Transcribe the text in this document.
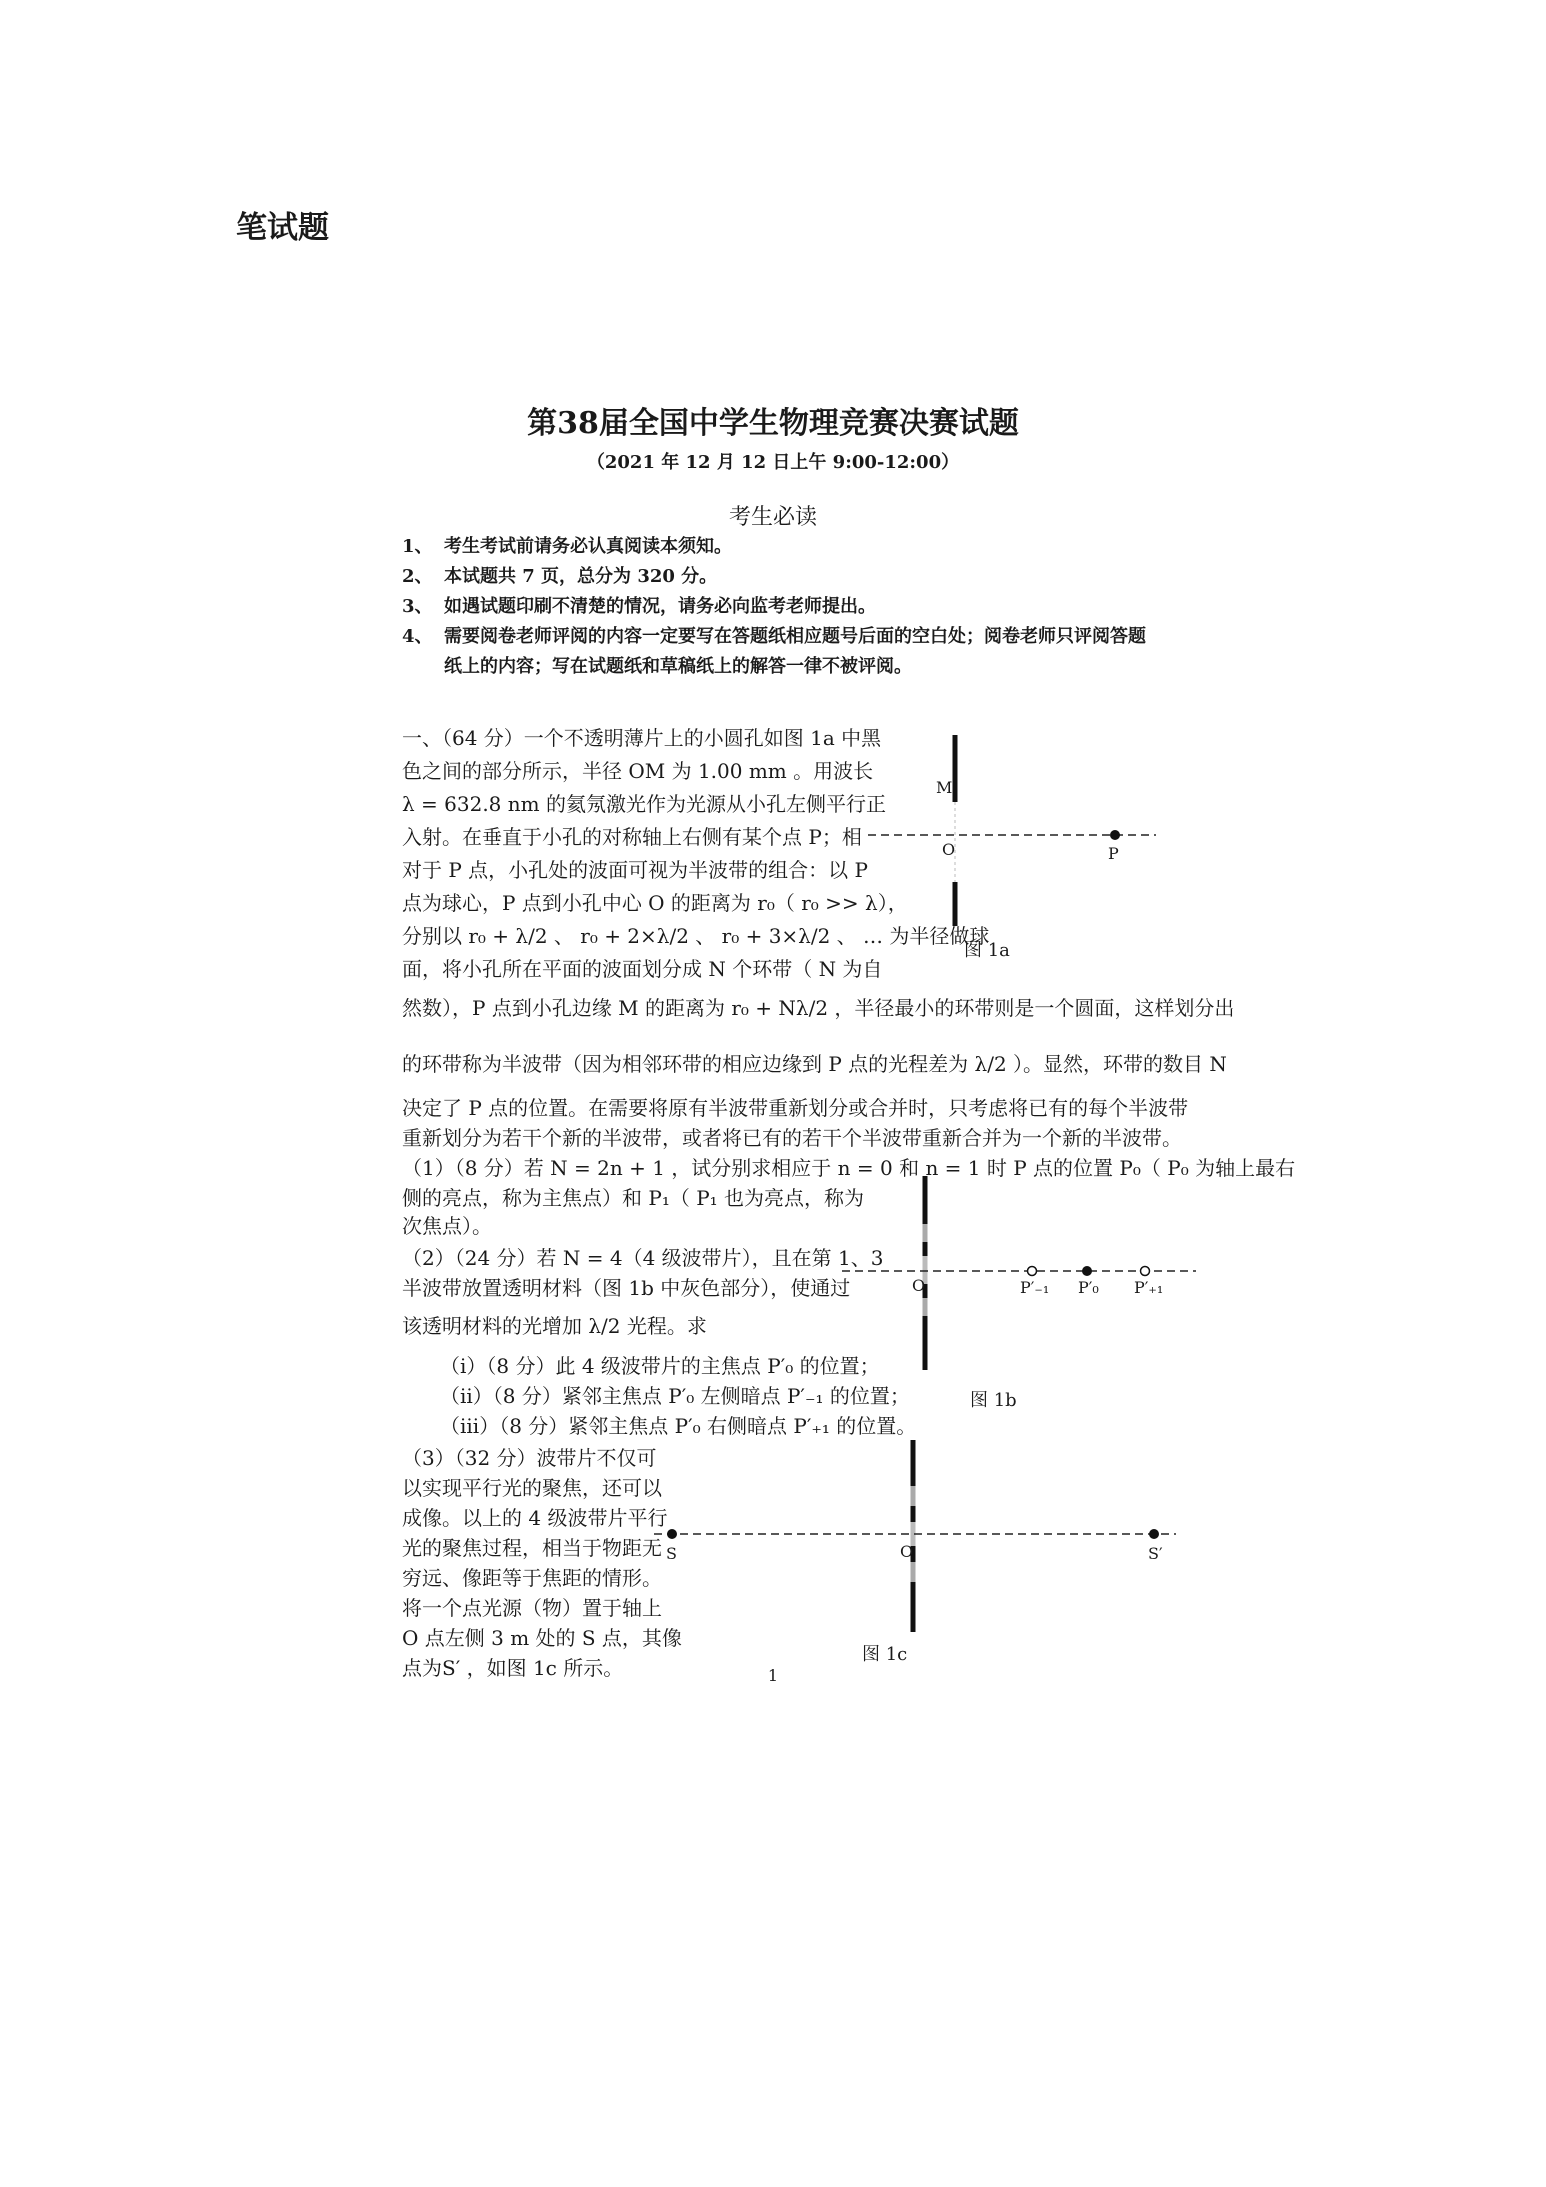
笔试题
第38届全国中学生物理竞赛决赛试题
（2021 年 12 月 12 日上午 9:00-12:00）
考生必读
1、 考生考试前请务必认真阅读本须知。
2、 本试题共 7 页，总分为 320 分。
3、 如遇试题印刷不清楚的情况，请务必向监考老师提出。
4、 需要阅卷老师评阅的内容一定要写在答题纸相应题号后面的空白处；阅卷老师只评阅答题
纸上的内容；写在试题纸和草稿纸上的解答一律不被评阅。
一、（64 分）一个不透明薄片上的小圆孔如图 1a 中黑
色之间的部分所示，半径 OM 为 1.00 mm 。用波长
λ = 632.8 nm 的氦氖激光作为光源从小孔左侧平行正
入射。在垂直于小孔的对称轴上右侧有某个点 P；相
对于 P 点，小孔处的波面可视为半波带的组合：以 P
点为球心，P 点到小孔中心 O 的距离为 r₀（ r₀ >> λ），
分别以 r₀ + λ/2 、 r₀ + 2×λ/2 、 r₀ + 3×λ/2 、 … 为半径做球
面，将小孔所在平面的波面划分成 N 个环带（ N 为自
然数），P 点到小孔边缘 M 的距离为 r₀ + Nλ/2 ，半径最小的环带则是一个圆面，这样划分出
的环带称为半波带（因为相邻环带的相应边缘到 P 点的光程差为 λ/2 ）。显然，环带的数目 N
决定了 P 点的位置。在需要将原有半波带重新划分或合并时，只考虑将已有的每个半波带
重新划分为若干个新的半波带，或者将已有的若干个半波带重新合并为一个新的半波带。
（1）（8 分）若 N = 2n + 1 ，试分别求相应于 n = 0 和 n = 1 时 P 点的位置 P₀（ P₀ 为轴上最右
侧的亮点，称为主焦点）和 P₁（ P₁ 也为亮点，称为
次焦点）。
（2）（24 分）若 N = 4（4 级波带片），且在第 1、3
半波带放置透明材料（图 1b 中灰色部分），使通过
该透明材料的光增加 λ/2 光程。求
（i）（8 分）此 4 级波带片的主焦点 P′₀ 的位置；
（ii）（8 分）紧邻主焦点 P′₀ 左侧暗点 P′₋₁ 的位置；
（iii）（8 分）紧邻主焦点 P′₀ 右侧暗点 P′₊₁ 的位置。
（3）（32 分）波带片不仅可
以实现平行光的聚焦，还可以
成像。以上的 4 级波带片平行
光的聚焦过程，相当于物距无
穷远、像距等于焦距的情形。
将一个点光源（物）置于轴上
O 点左侧 3 m 处的 S 点，其像
点为S′ ，如图 1c 所示。
M
O	P
图 1a
O	P′₋₁ P′₀ P′₊₁
图 1b
S	O	S′
图 1c
1
